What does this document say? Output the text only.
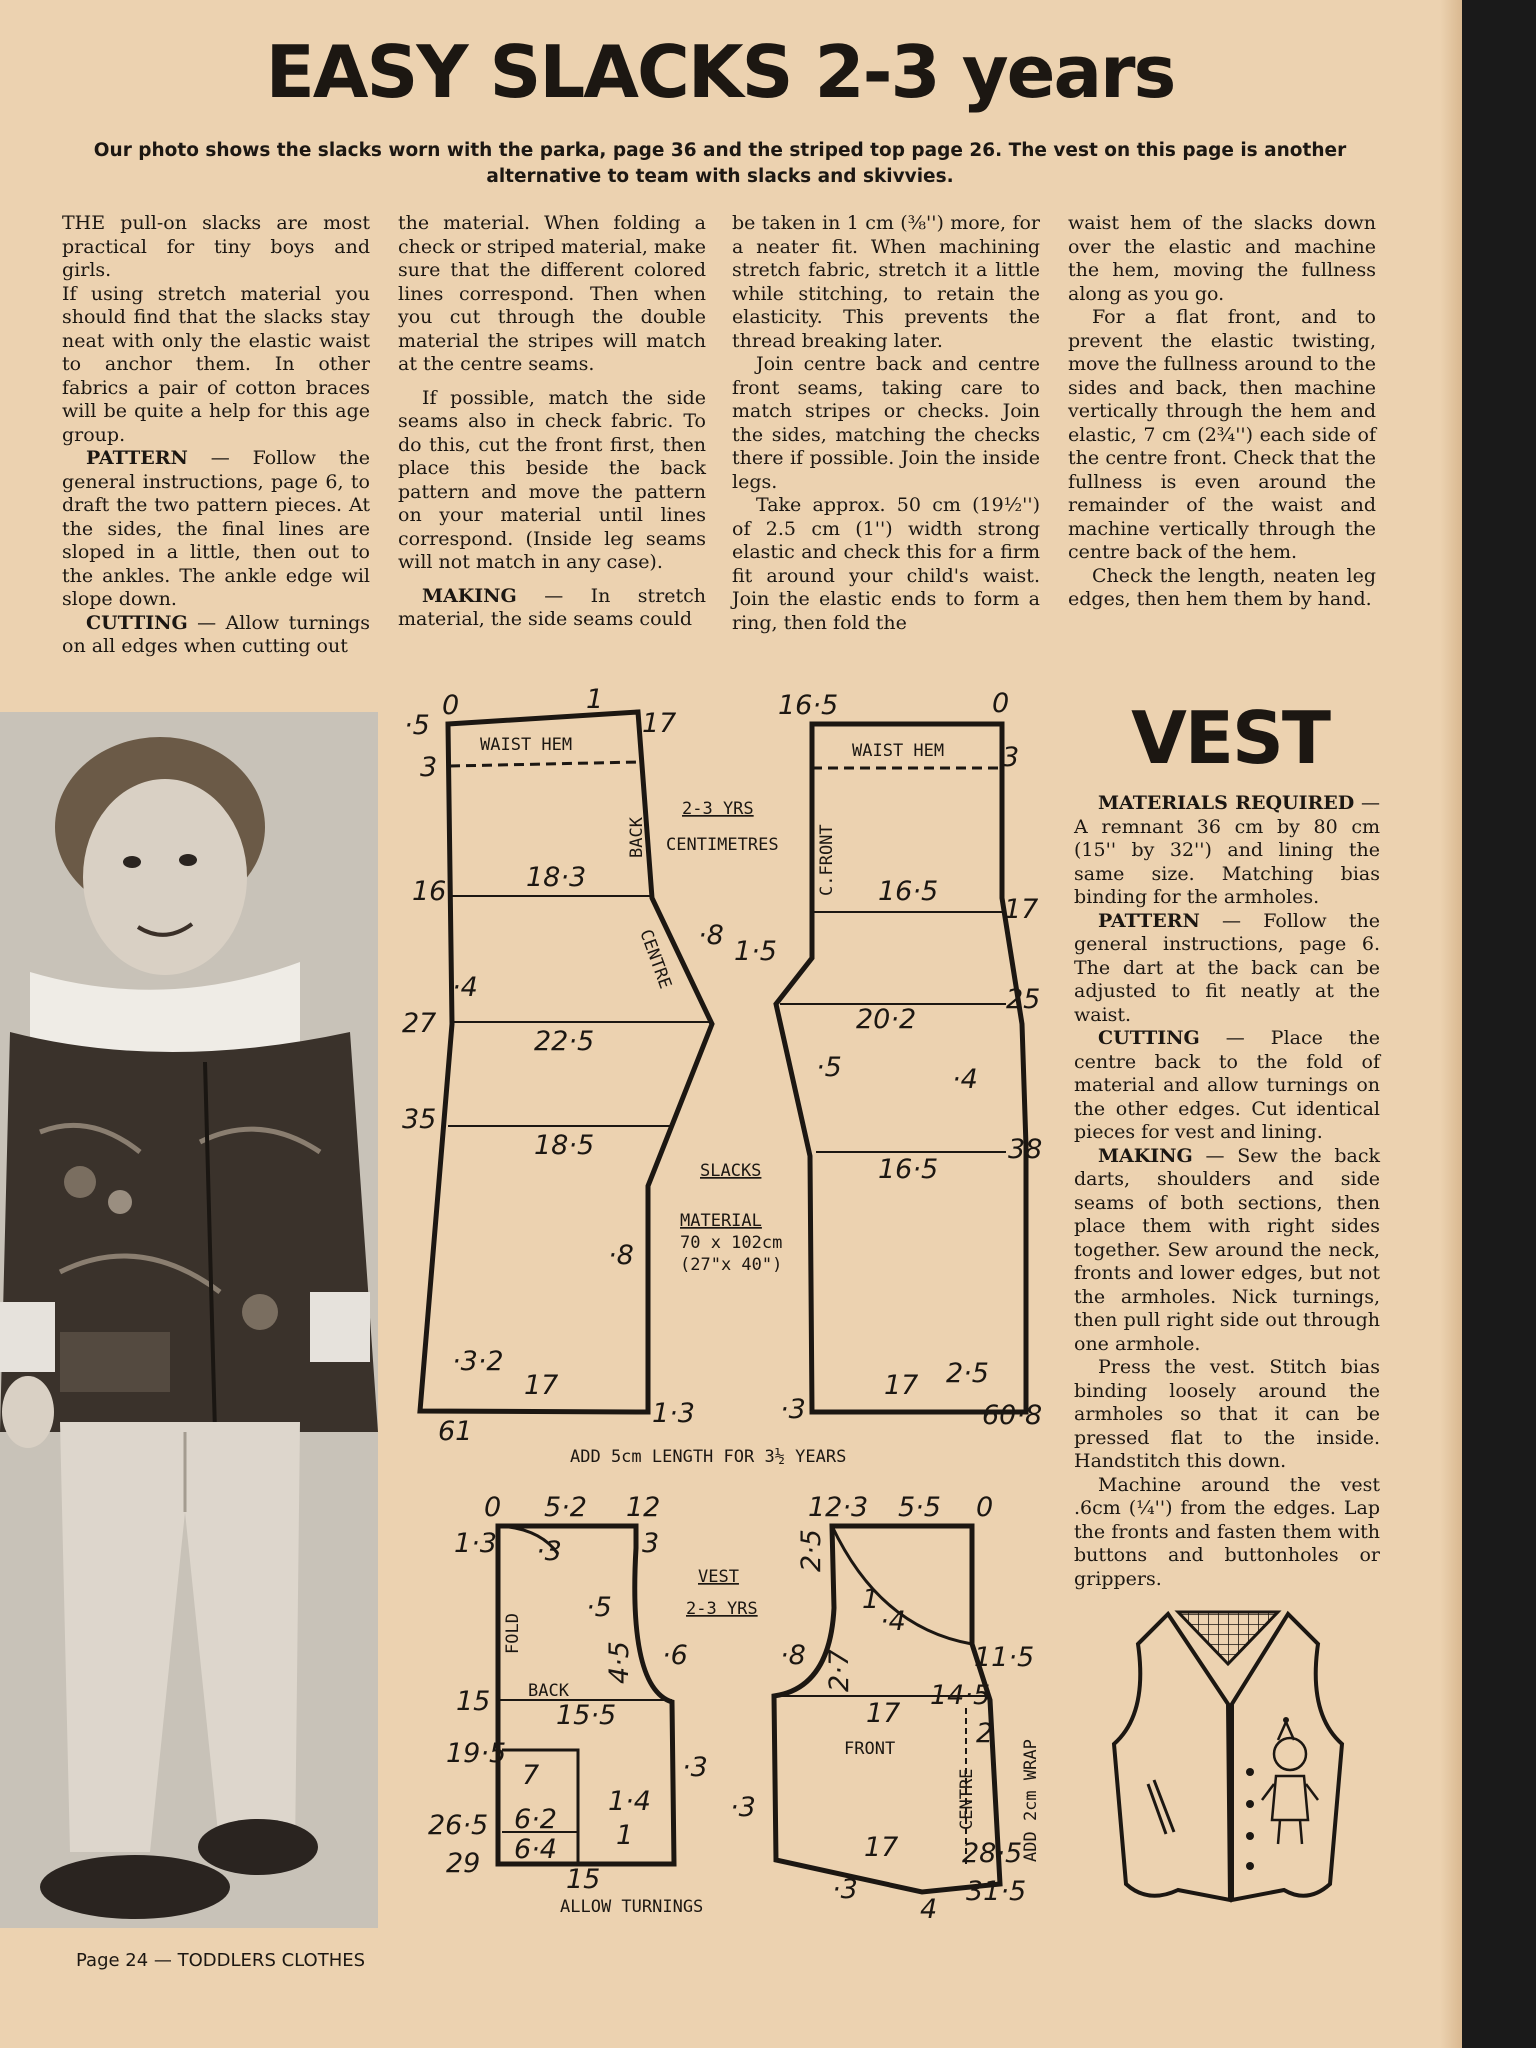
EASY SLACKS 2-3 years
Our photo shows the slacks worn with the parka, page 36 and the striped top page 26. The vest on this page is another alternative to team with slacks and skivvies.

THE pull-on slacks are most practical for tiny boys and girls.

If using stretch material you should find that the slacks stay neat with only the elastic waist to anchor them. In other fabrics a pair of cotton braces will be quite a help for this age group.

PATTERN — Follow the general instructions, page 6, to draft the two pattern pieces. At the sides, the final lines are sloped in a little, then out to the ankles. The ankle edge wil slope down.

CUTTING — Allow turnings on all edges when cutting out

the material. When folding a check or striped material, make sure that the different colored lines correspond. Then when you cut through the double material the stripes will match at the centre seams.

If possible, match the side seams also in check fabric. To do this, cut the front first, then place this beside the back pattern and move the pattern on your material until lines correspond. (Inside leg seams will not match in any case).

MAKING — In stretch material, the side seams could

be taken in 1 cm (⅜'') more, for a neater fit. When machining stretch fabric, stretch it a little while stitching, to retain the elasticity. This prevents the thread breaking later.

Join centre back and centre front seams, taking care to match stripes or checks. Join the sides, matching the checks there if possible. Join the inside legs.

Take approx. 50 cm (19½'') of 2.5 cm (1'') width strong elastic and check this for a firm fit around your child's waist. Join the elastic ends to form a ring, then fold the

waist hem of the slacks down over the elastic and machine the hem, moving the fullness along as you go.

For a flat front, and to prevent the elastic twisting, move the fullness around to the sides and back, then machine vertically through the hem and elastic, 7 cm (2¾'') each side of the centre front. Check that the fullness is even around the remainder of the waist and machine vertically through the centre back of the hem.

Check the length, neaten leg edges, then hem them by hand.

WAIST HEM	WAIST HEM
BACK
CENTRE
C.FRONT
2-3 YRS
CENTIMETRES
SLACKS
MATERIAL
70 x 102cm
(27"x 40")
ADD 5cm LENGTH FOR 3½ YEARS
0	1
17
·5
3
16	18·3
·8
·4
27
22·5
35
18·5
·8
·3·2
17
61
1·3
16·5	0
3
16·5
17
1·5
25
20·2
·5	·4
38
16·5
17 2·5
·3	60·8
VEST
2-3 YRS
FOLD
BACK
FRONT
CENTRE	ADD 2cm WRAP
ALLOW TURNINGS
0 5·2 12
1·3 ·3	3
·5
·6
4·5
15 15·5
19·5
7	·3
1·4
26·5 6·2
1
29 6·4
15
12·3 5·5 0
2·5
1
·4
·8 2·7	11·5
14·5
17
2
·3
17 28·5
·3
4
31·5
VEST

MATERIALS REQUIRED — A remnant 36 cm by 80 cm (15'' by 32'') and lining the same size. Matching bias binding for the armholes.

PATTERN — Follow the general instructions, page 6. The dart at the back can be adjusted to fit neatly at the waist.

CUTTING — Place the centre back to the fold of material and allow turnings on the other edges. Cut identical pieces for vest and lining.

MAKING — Sew the back darts, shoulders and side seams of both sections, then place them with right sides together. Sew around the neck, fronts and lower edges, but not the armholes. Nick turnings, then pull right side out through one armhole.

Press the vest. Stitch bias binding loosely around the armholes so that it can be pressed flat to the inside. Handstitch this down.

Machine around the vest .6cm (¼'') from the edges. Lap the fronts and fasten them with buttons and buttonholes or grippers.

Page 24 — TODDLERS CLOTHES
